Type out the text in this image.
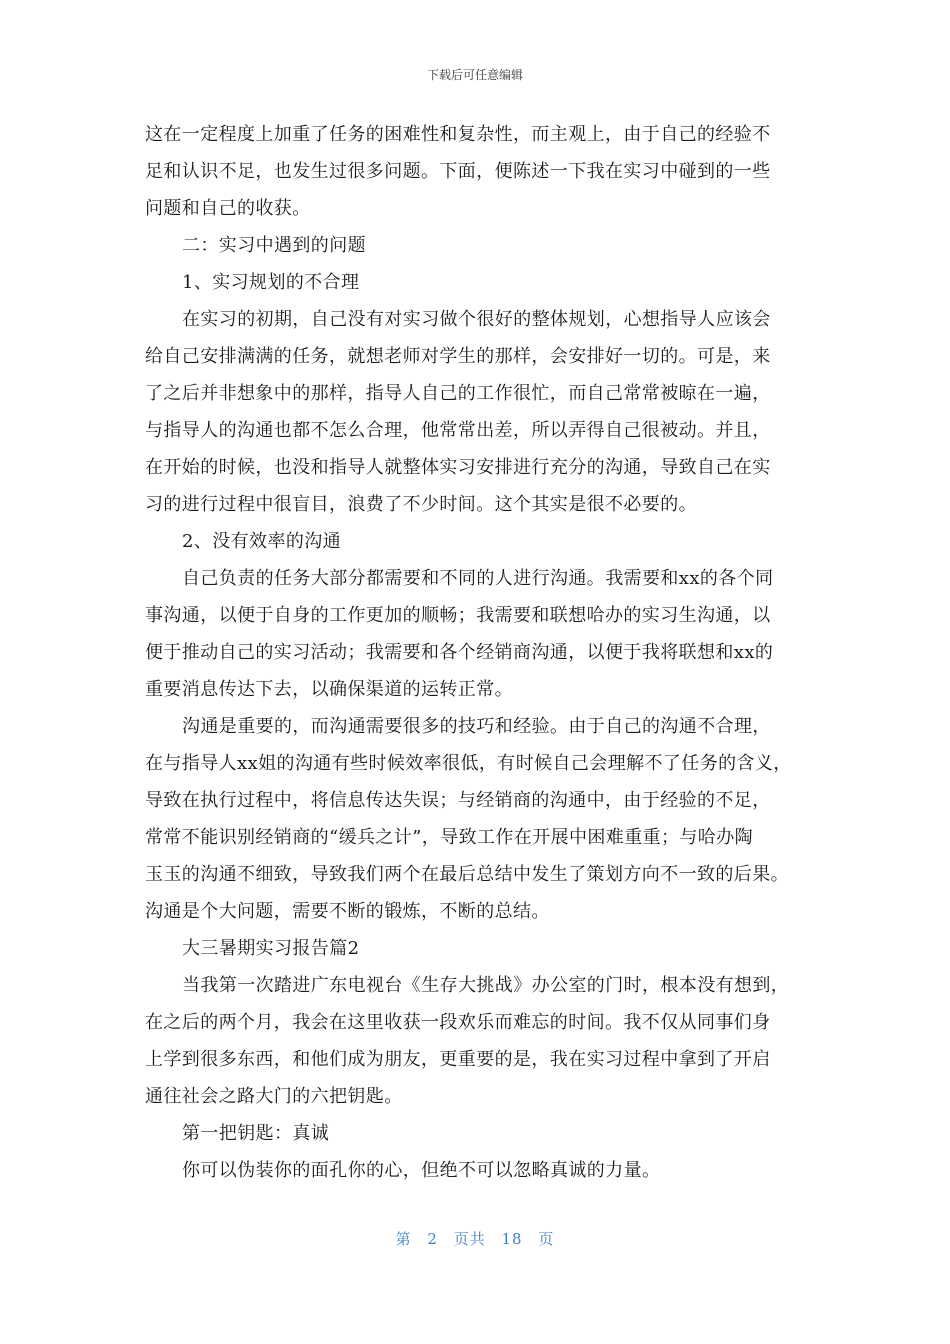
下载后可任意编辑
这在一定程度上加重了任务的困难性和复杂性，而主观上，由于自己的经验不
足和认识不足，也发生过很多问题。下面，便陈述一下我在实习中碰到的一些
问题和自己的收获。
二：实习中遇到的问题
1、实习规划的不合理
在实习的初期，自己没有对实习做个很好的整体规划，心想指导人应该会
给自己安排满满的任务，就想老师对学生的那样，会安排好一切的。可是，来
了之后并非想象中的那样，指导人自己的工作很忙，而自己常常被晾在一遍，
与指导人的沟通也都不怎么合理，他常常出差，所以弄得自己很被动。并且，
在开始的时候，也没和指导人就整体实习安排进行充分的沟通，导致自己在实
习的进行过程中很盲目，浪费了不少时间。这个其实是很不必要的。
2、没有效率的沟通
自己负责的任务大部分都需要和不同的人进行沟通。我需要和xx的各个同
事沟通，以便于自身的工作更加的顺畅；我需要和联想哈办的实习生沟通，以
便于推动自己的实习活动；我需要和各个经销商沟通，以便于我将联想和xx的
重要消息传达下去，以确保渠道的运转正常。
沟通是重要的，而沟通需要很多的技巧和经验。由于自己的沟通不合理，
在与指导人xx姐的沟通有些时候效率很低，有时候自己会理解不了任务的含义，
导致在执行过程中，将信息传达失误；与经销商的沟通中，由于经验的不足，
常常不能识别经销商的“缓兵之计”，导致工作在开展中困难重重；与哈办陶
玉玉的沟通不细致，导致我们两个在最后总结中发生了策划方向不一致的后果。
沟通是个大问题，需要不断的锻炼，不断的总结。
大三暑期实习报告篇2
当我第一次踏进广东电视台《生存大挑战》办公室的门时，根本没有想到，
在之后的两个月，我会在这里收获一段欢乐而难忘的时间。我不仅从同事们身
上学到很多东西，和他们成为朋友，更重要的是，我在实习过程中拿到了开启
通往社会之路大门的六把钥匙。
第一把钥匙：真诚
你可以伪装你的面孔你的心，但绝不可以忽略真诚的力量。
第 2 页共 18 页
